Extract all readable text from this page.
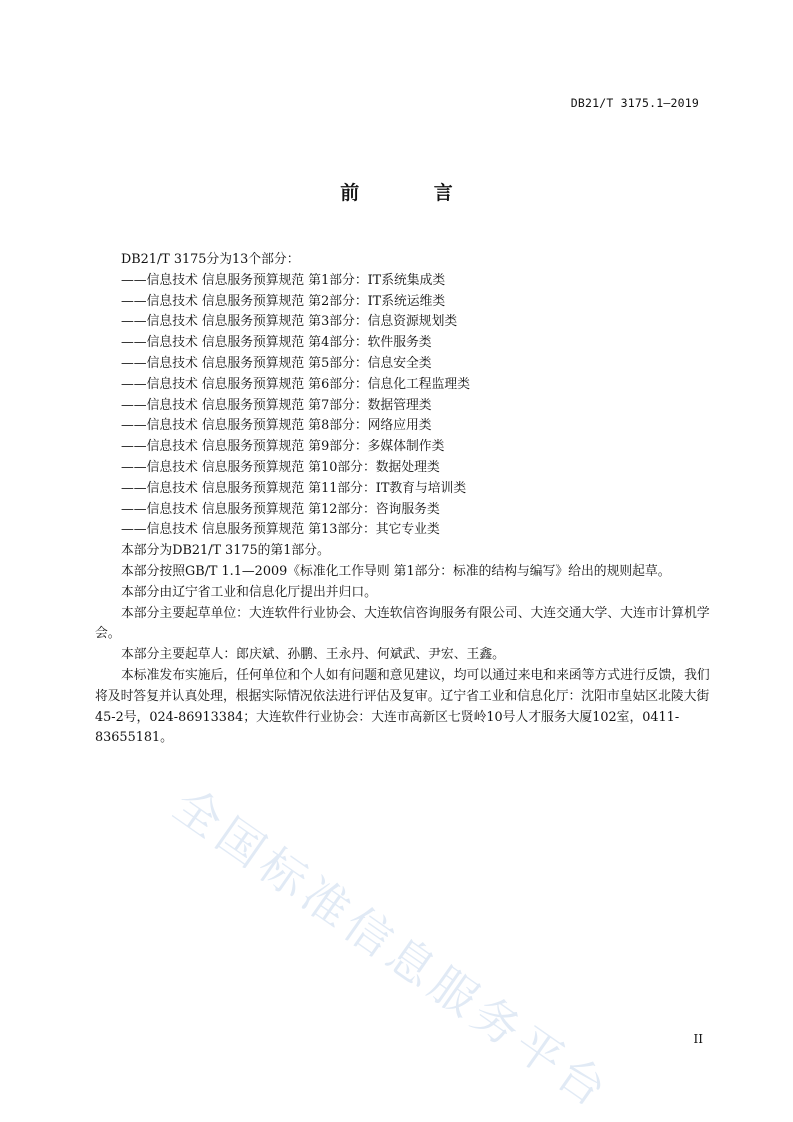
DB21/T 3175.1—2019
前 言
DB21/T 3175分为13个部分：
——信息技术 信息服务预算规范 第1部分：IT系统集成类
——信息技术 信息服务预算规范 第2部分：IT系统运维类
——信息技术 信息服务预算规范 第3部分：信息资源规划类
——信息技术 信息服务预算规范 第4部分：软件服务类
——信息技术 信息服务预算规范 第5部分：信息安全类
——信息技术 信息服务预算规范 第6部分：信息化工程监理类
——信息技术 信息服务预算规范 第7部分：数据管理类
——信息技术 信息服务预算规范 第8部分：网络应用类
——信息技术 信息服务预算规范 第9部分：多媒体制作类
——信息技术 信息服务预算规范 第10部分：数据处理类
——信息技术 信息服务预算规范 第11部分：IT教育与培训类
——信息技术 信息服务预算规范 第12部分：咨询服务类
——信息技术 信息服务预算规范 第13部分：其它专业类
本部分为DB21/T 3175的第1部分。
本部分按照GB/T 1.1—2009《标准化工作导则 第1部分：标准的结构与编写》给出的规则起草。
本部分由辽宁省工业和信息化厅提出并归口。
本部分主要起草单位：大连软件行业协会、大连软信咨询服务有限公司、大连交通大学、大连市计算机学会。
本部分主要起草人：郎庆斌、孙鹏、王永丹、何斌武、尹宏、王鑫。
本标准发布实施后，任何单位和个人如有问题和意见建议，均可以通过来电和来函等方式进行反馈，我们将及时答复并认真处理，根据实际情况依法进行评估及复审。辽宁省工业和信息化厅：沈阳市皇姑区北陵大街45-2号，024-86913384；大连软件行业协会：大连市高新区七贤岭10号人才服务大厦102室，0411-83655181。
全国标准信息服务平台	II
